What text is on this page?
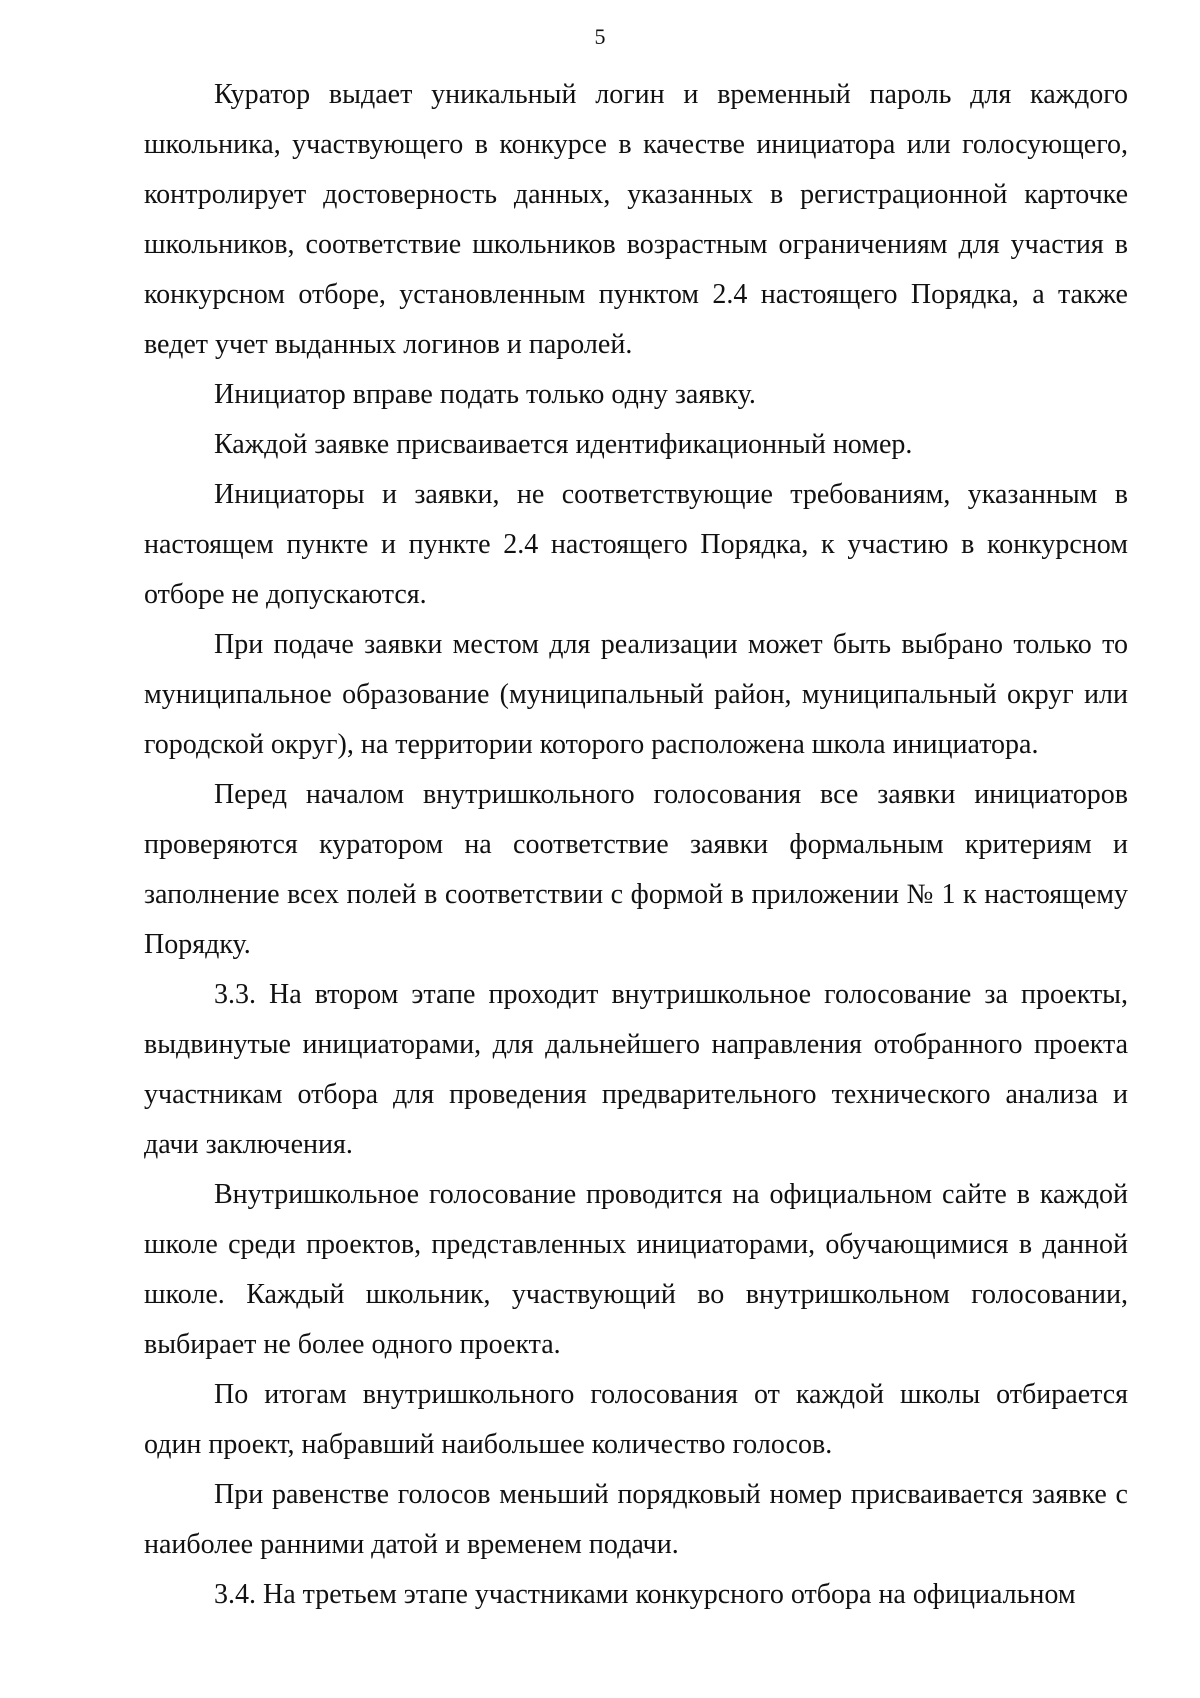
5

Куратор выдает уникальный логин и временный пароль для каждого школьника, участвующего в конкурсе в качестве инициатора или голосующего, контролирует достоверность данных, указанных в регистрационной карточке школьников, соответствие школьников возрастным ограничениям для участия в конкурсном отборе, установленным пунктом 2.4 настоящего Порядка, а также ведет учет выданных логинов и паролей.

Инициатор вправе подать только одну заявку.

Каждой заявке присваивается идентификационный номер.

Инициаторы и заявки, не соответствующие требованиям, указанным в настоящем пункте и пункте 2.4 настоящего Порядка, к участию в конкурсном отборе не допускаются.

При подаче заявки местом для реализации может быть выбрано только то муниципальное образование (муниципальный район, муниципальный округ или городской округ), на территории которого расположена школа инициатора.

Перед началом внутришкольного голосования все заявки инициаторов проверяются куратором на соответствие заявки формальным критериям и заполнение всех полей в соответствии с формой в приложении № 1 к настоящему Порядку.

3.3. На втором этапе проходит внутришкольное голосование за проекты, выдвинутые инициаторами, для дальнейшего направления отобранного проекта участникам отбора для проведения предварительного технического анализа и дачи заключения.

Внутришкольное голосование проводится на официальном сайте в каждой школе среди проектов, представленных инициаторами, обучающимися в данной школе. Каждый школьник, участвующий во внутришкольном голосовании, выбирает не более одного проекта.

По итогам внутришкольного голосования от каждой школы отбирается один проект, набравший наибольшее количество голосов.

При равенстве голосов меньший порядковый номер присваивается заявке с наиболее ранними датой и временем подачи.

3.4. На третьем этапе участниками конкурсного отбора на официальном
